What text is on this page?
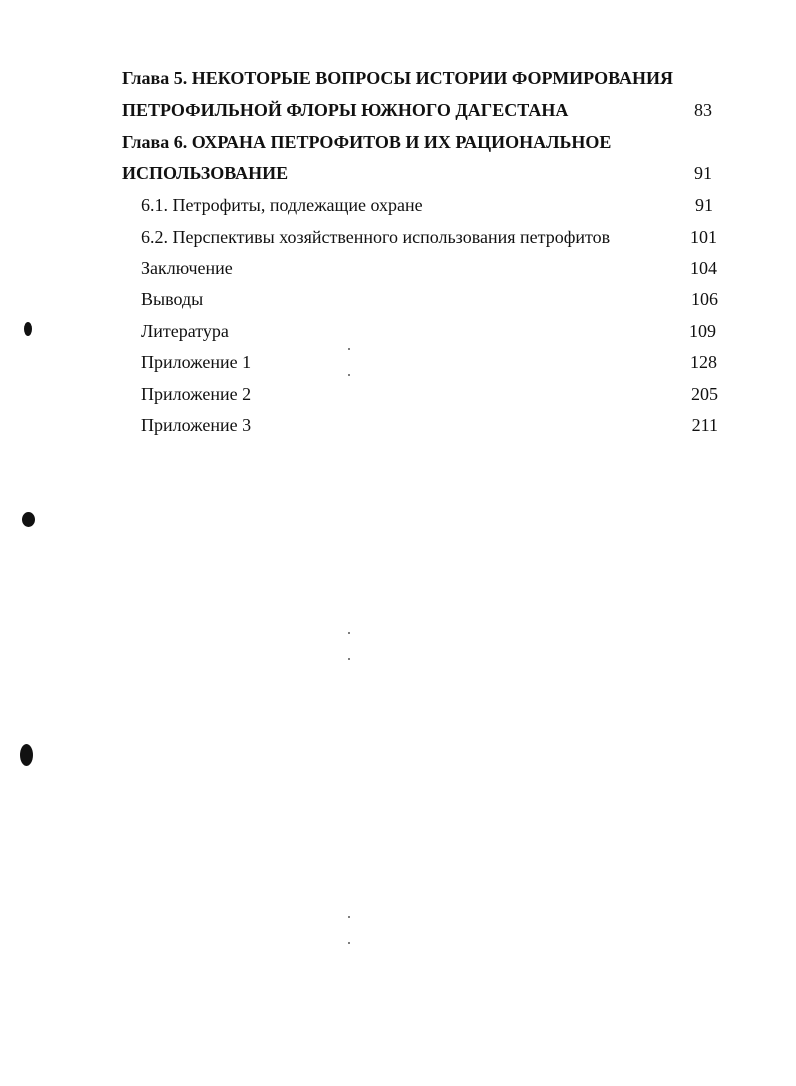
Глава 5. НЕКОТОРЫЕ ВОПРОСЫ ИСТОРИИ ФОРМИРОВАНИЯ
ПЕТРОФИЛЬНОЙ ФЛОРЫ ЮЖНОГО ДАГЕСТАНА	83
Глава 6. ОХРАНА ПЕТРОФИТОВ И ИХ РАЦИОНАЛЬНОЕ
ИСПОЛЬЗОВАНИЕ	91
6.1. Петрофиты, подлежащие охране	91
6.2. Перспективы хозяйственного использования петрофитов	101
Заключение	104
Выводы	106
Литература	109
Приложение 1	128
Приложение 2	205
Приложение 3	211
